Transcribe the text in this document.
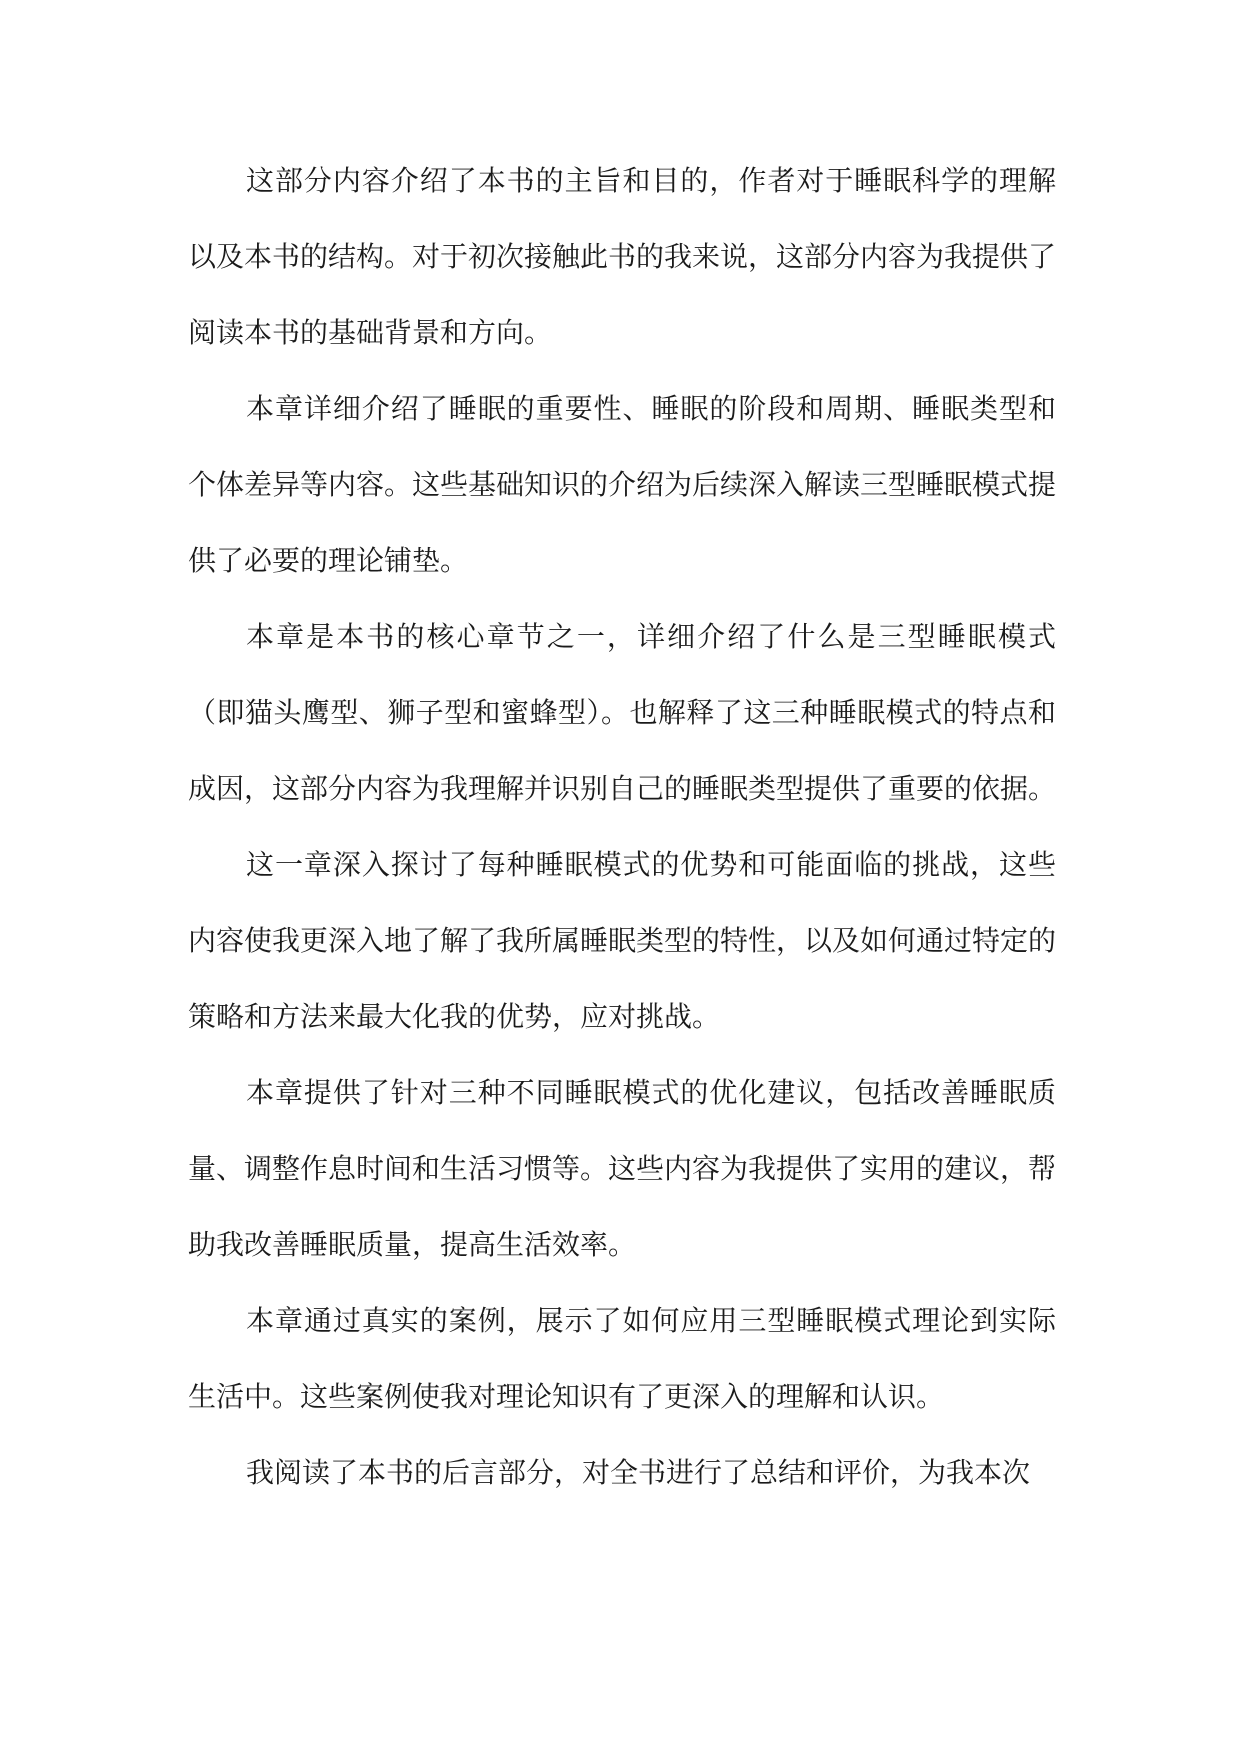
这部分内容介绍了本书的主旨和目的，作者对于睡眠科学的理解以及本书的结构。对于初次接触此书的我来说，这部分内容为我提供了阅读本书的基础背景和方向。

本章详细介绍了睡眠的重要性、睡眠的阶段和周期、睡眠类型和个体差异等内容。这些基础知识的介绍为后续深入解读三型睡眠模式提供了必要的理论铺垫。

本章是本书的核心章节之一，详细介绍了什么是三型睡眠模式（即猫头鹰型、狮子型和蜜蜂型）。也解释了这三种睡眠模式的特点和成因，这部分内容为我理解并识别自己的睡眠类型提供了重要的依据。

这一章深入探讨了每种睡眠模式的优势和可能面临的挑战，这些内容使我更深入地了解了我所属睡眠类型的特性，以及如何通过特定的策略和方法来最大化我的优势，应对挑战。

本章提供了针对三种不同睡眠模式的优化建议，包括改善睡眠质量、调整作息时间和生活习惯等。这些内容为我提供了实用的建议，帮助我改善睡眠质量，提高生活效率。

本章通过真实的案例，展示了如何应用三型睡眠模式理论到实际生活中。这些案例使我对理论知识有了更深入的理解和认识。

我阅读了本书的后言部分，对全书进行了总结和评价，为我本次
